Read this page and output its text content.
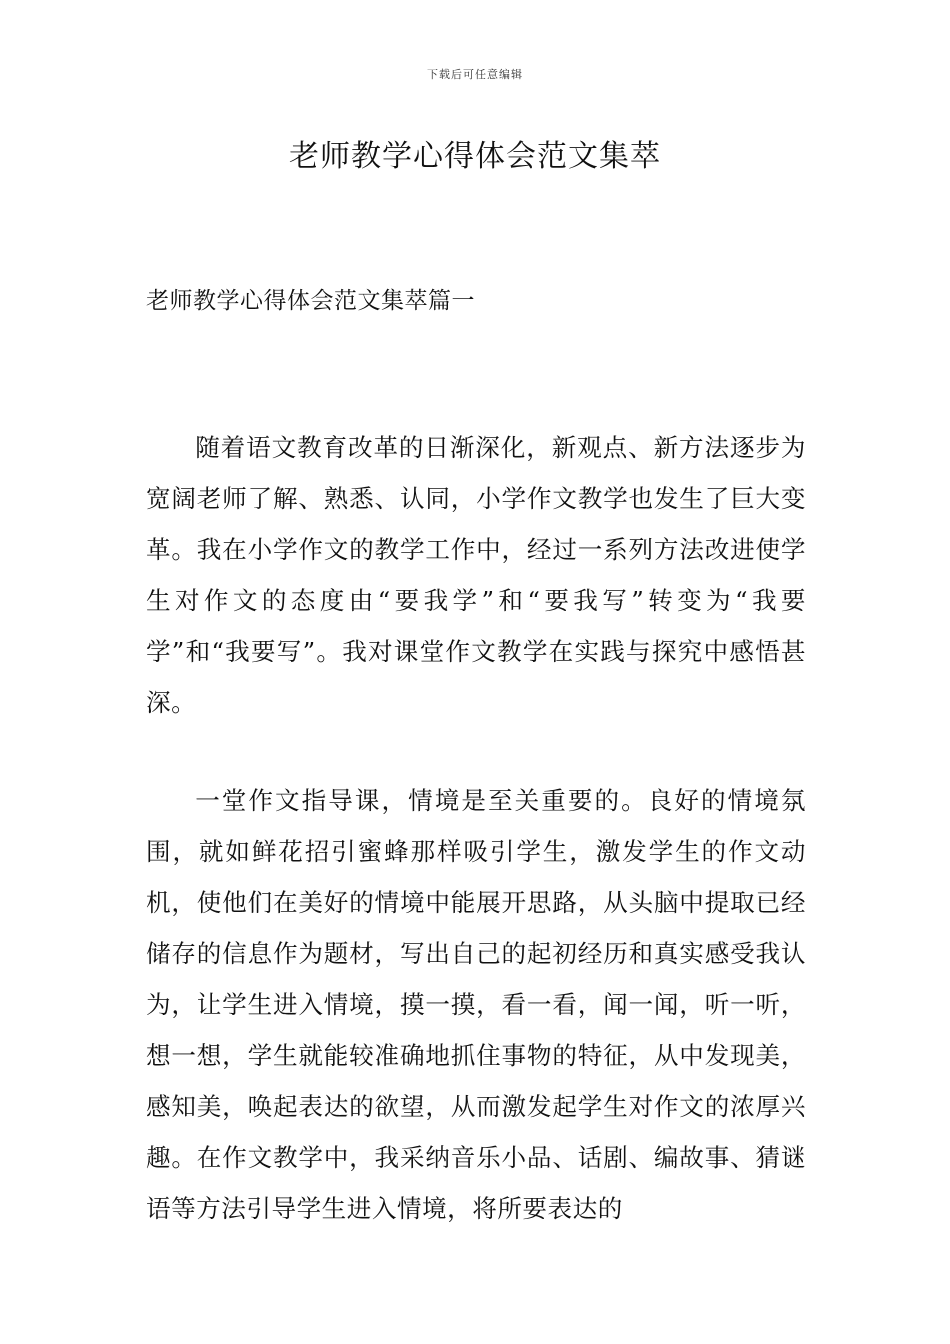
下载后可任意编辑
老师教学心得体会范文集萃
老师教学心得体会范文集萃篇一

随着语文教育改革的日渐深化，新观点、新方法逐步为宽阔老师了解、熟悉、认同，小学作文教学也发生了巨大变革。我在小学作文的教学工作中，经过一系列方法改进使学生对作文的态度由“要我学”和“要我写”转变为“我要学”和“我要写”。我对课堂作文教学在实践与探究中感悟甚深。

一堂作文指导课，情境是至关重要的。良好的情境氛围，就如鲜花招引蜜蜂那样吸引学生，激发学生的作文动机，使他们在美好的情境中能展开思路，从头脑中提取已经储存的信息作为题材，写出自己的起初经历和真实感受我认为，让学生进入情境，摸一摸，看一看，闻一闻，听一听，想一想，学生就能较准确地抓住事物的特征，从中发现美，感知美，唤起表达的欲望，从而激发起学生对作文的浓厚兴趣。在作文教学中，我采纳音乐小品、话剧、编故事、猜谜语等方法引导学生进入情境，将所要表达的
